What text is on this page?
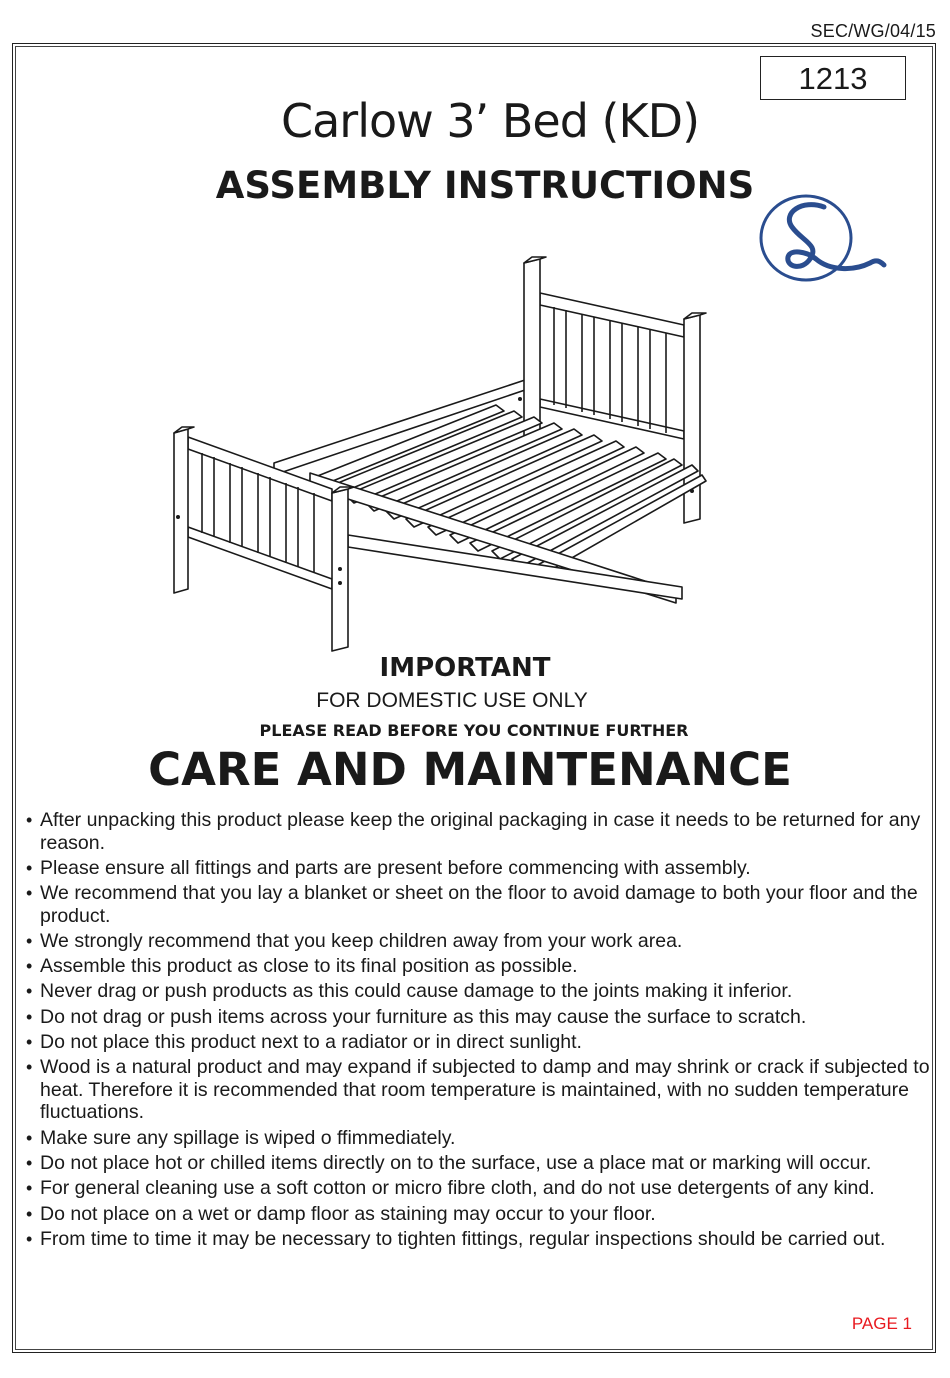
SEC/WG/04/15
1213
Carlow 3’ Bed (KD)
ASSEMBLY INSTRUCTIONS
IMPORTANT
FOR DOMESTIC USE ONLY
PLEASE READ BEFORE YOU CONTINUE FURTHER
CARE AND MAINTENANCE
• After unpacking this product please keep the original packaging in case it needs to be returned for any reason.
• Please ensure all fittings and parts are present before commencing with assembly.
• We recommend that you lay a blanket or sheet on the floor to avoid damage to both your floor and the product.
• We strongly recommend that you keep children away from your work area.
• Assemble this product as close to its final position as possible.
• Never drag or push products as this could cause damage to the joints making it inferior.
• Do not drag or push items across your furniture as this may cause the surface to scratch.
• Do not place this product next to a radiator or in direct sunlight.
• Wood is a natural product and may expand if subjected to damp and may shrink or crack if subjected to heat. Therefore it is recommended that room temperature is maintained, with no sudden temperature fluctuations.
• Make sure any spillage is wiped o ffimmediately.
• Do not place hot or chilled items directly on to the surface, use a place mat or marking will occur.
• For general cleaning use a soft cotton or micro fibre cloth, and do not use detergents of any kind.
• Do not place on a wet or damp floor as staining may occur to your floor.
• From time to time it may be necessary to tighten fittings, regular inspections should be carried out.
PAGE 1
